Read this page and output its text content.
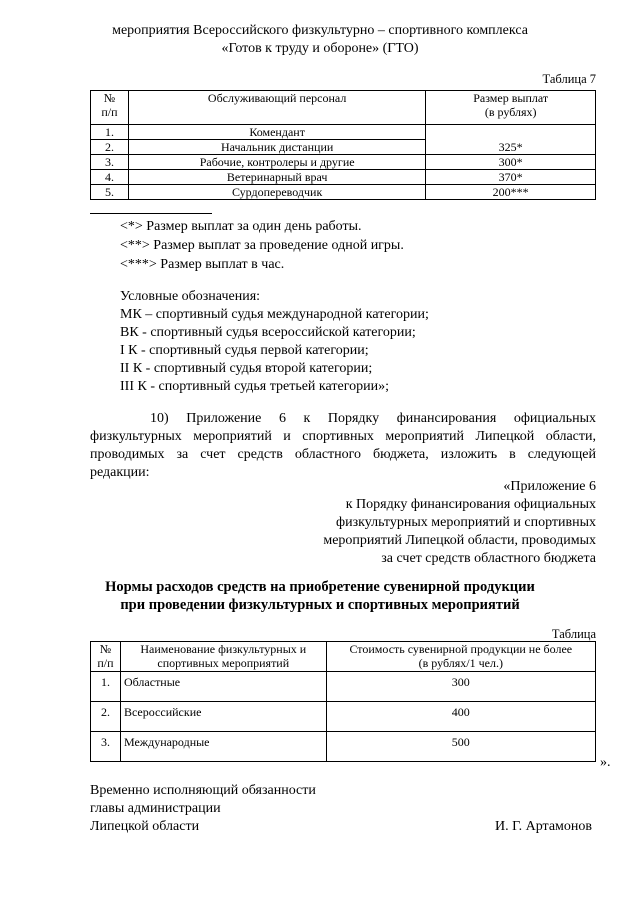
мероприятия Всероссийского физкультурно – спортивного комплекса
«Готов к труду и обороне» (ГТО)
Таблица 7
№
п/п	Обслуживающий персонал	Размер выплат
(в рублях)
1.	Комендант	325*
2.	Начальник дистанции	
3.	Рабочие, контролеры и другие	300*
4.	Ветеринарный врач	370*
5.	Сурдопереводчик	200***
<*> Размер выплат за один день работы.
<**> Размер выплат за проведение одной игры.
<***> Размер выплат в час.
Условные обозначения:
МК – спортивный судья международной категории;
ВК - спортивный судья всероссийской категории;
I К - спортивный судья первой категории;
II К - спортивный судья второй категории;
III К - спортивный судья третьей категории»;
10) Приложение 6 к Порядку финансирования официальных
физкультурных мероприятий и спортивных мероприятий Липецкой области,
проводимых за счет средств областного бюджета, изложить в следующей
редакции:
«Приложение 6
к Порядку финансирования официальных
физкультурных мероприятий и спортивных
мероприятий Липецкой области, проводимых
за счет средств областного бюджета
Нормы расходов средств на приобретение сувенирной продукции
при проведении физкультурных и спортивных мероприятий
Таблица
№
п/п	Наименование физкультурных и
спортивных мероприятий	Стоимость сувенирной продукции не более
(в рублях/1 чел.)
1.	Областные	300
2.	Всероссийские	400
3.	Международные	500
».
Временно исполняющий обязанности
главы администрации
Липецкой области	И. Г. Артамонов
